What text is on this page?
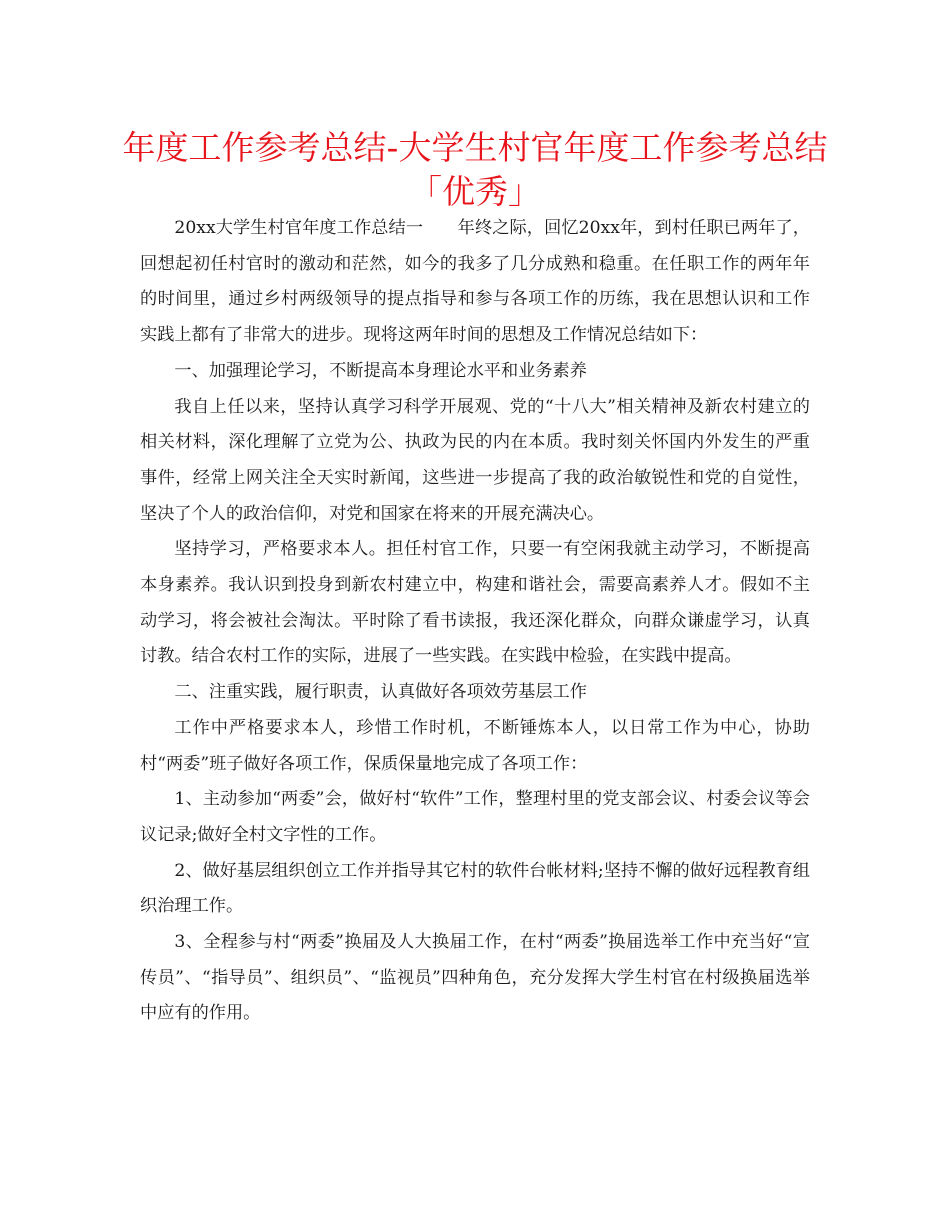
年度工作参考总结-大学生村官年度工作参考总结
「优秀」

20xx大学生村官年度工作总结一　　年终之际，回忆20xx年，到村任职已两年了，回想起初任村官时的激动和茫然，如今的我多了几分成熟和稳重。在任职工作的两年年的时间里，通过乡村两级领导的提点指导和参与各项工作的历练，我在思想认识和工作实践上都有了非常大的进步。现将这两年时间的思想及工作情况总结如下：

一、加强理论学习，不断提高本身理论水平和业务素养

我自上任以来，坚持认真学习科学开展观、党的“十八大”相关精神及新农村建立的相关材料，深化理解了立党为公、执政为民的内在本质。我时刻关怀国内外发生的严重事件，经常上网关注全天实时新闻，这些进一步提高了我的政治敏锐性和党的自觉性，坚决了个人的政治信仰，对党和国家在将来的开展充满决心。

坚持学习，严格要求本人。担任村官工作，只要一有空闲我就主动学习，不断提高本身素养。我认识到投身到新农村建立中，构建和谐社会，需要高素养人才。假如不主动学习，将会被社会淘汰。平时除了看书读报，我还深化群众，向群众谦虚学习，认真讨教。结合农村工作的实际，进展了一些实践。在实践中检验，在实践中提高。

二、注重实践，履行职责，认真做好各项效劳基层工作

工作中严格要求本人，珍惜工作时机，不断锤炼本人，以日常工作为中心，协助村“两委”班子做好各项工作，保质保量地完成了各项工作：

1、主动参加“两委”会，做好村“软件”工作，整理村里的党支部会议、村委会议等会议记录;做好全村文字性的工作。

2、做好基层组织创立工作并指导其它村的软件台帐材料;坚持不懈的做好远程教育组织治理工作。

3、全程参与村“两委”换届及人大换届工作，在村“两委”换届选举工作中充当好“宣传员”、“指导员”、组织员”、“监视员”四种角色，充分发挥大学生村官在村级换届选举中应有的作用。
